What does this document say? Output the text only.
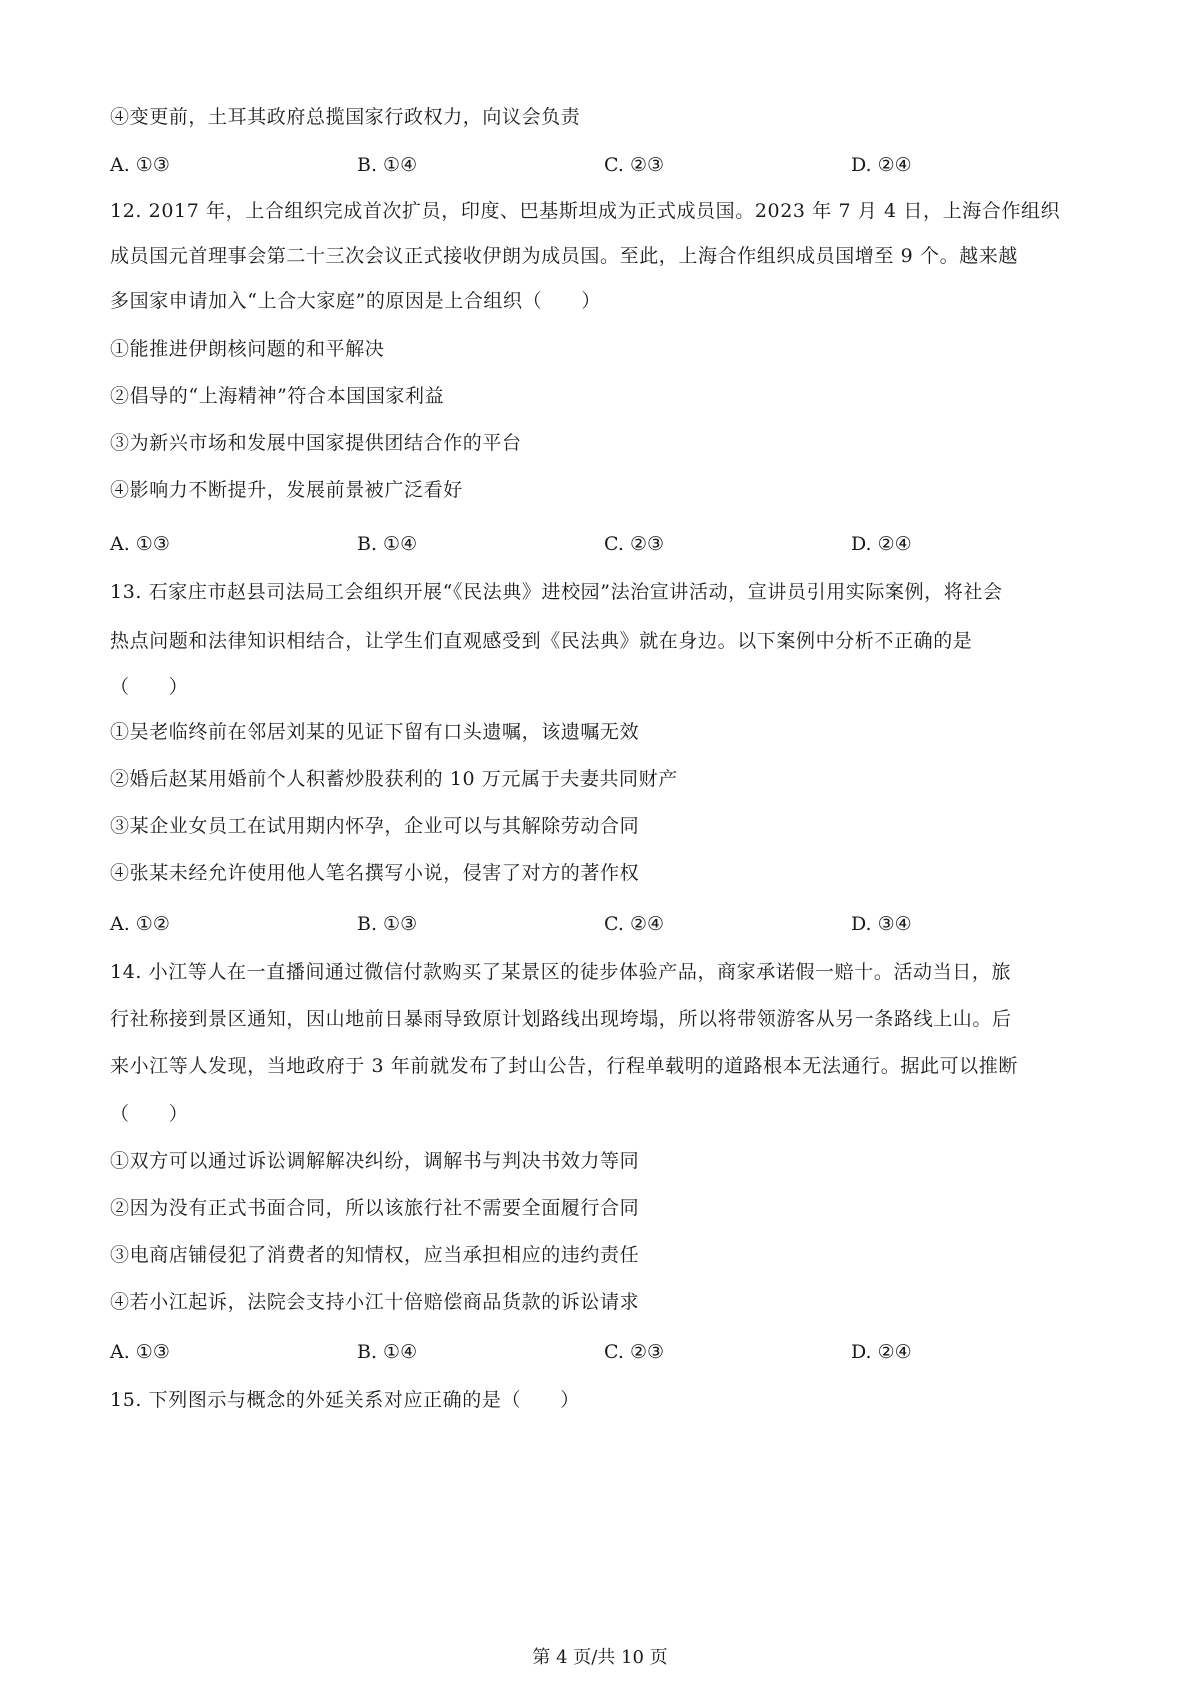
④变更前，土耳其政府总揽国家行政权力，向议会负责
A. ①③	B. ①④	C. ②③	D. ②④
12. 2017 年，上合组织完成首次扩员，印度、巴基斯坦成为正式成员国。2023 年 7 月 4 日，上海合作组织
成员国元首理事会第二十三次会议正式接收伊朗为成员国。至此，上海合作组织成员国增至 9 个。越来越
多国家申请加入“上合大家庭”的原因是上合组织（　　）
①能推进伊朗核问题的和平解决
②倡导的“上海精神”符合本国国家利益
③为新兴市场和发展中国家提供团结合作的平台
④影响力不断提升，发展前景被广泛看好
A. ①③	B. ①④	C. ②③	D. ②④
13. 石家庄市赵县司法局工会组织开展“《民法典》进校园”法治宣讲活动，宣讲员引用实际案例，将社会
热点问题和法律知识相结合，让学生们直观感受到《民法典》就在身边。以下案例中分析不正确的是
（　　）
①吴老临终前在邻居刘某的见证下留有口头遗嘱，该遗嘱无效
②婚后赵某用婚前个人积蓄炒股获利的 10 万元属于夫妻共同财产
③某企业女员工在试用期内怀孕，企业可以与其解除劳动合同
④张某未经允许使用他人笔名撰写小说，侵害了对方的著作权
A. ①②	B. ①③	C. ②④	D. ③④
14. 小江等人在一直播间通过微信付款购买了某景区的徒步体验产品，商家承诺假一赔十。活动当日，旅
行社称接到景区通知，因山地前日暴雨导致原计划路线出现垮塌，所以将带领游客从另一条路线上山。后
来小江等人发现，当地政府于 3 年前就发布了封山公告，行程单载明的道路根本无法通行。据此可以推断
（　　）
①双方可以通过诉讼调解解决纠纷，调解书与判决书效力等同
②因为没有正式书面合同，所以该旅行社不需要全面履行合同
③电商店铺侵犯了消费者的知情权，应当承担相应的违约责任
④若小江起诉，法院会支持小江十倍赔偿商品货款的诉讼请求
A. ①③	B. ①④	C. ②③	D. ②④
15. 下列图示与概念的外延关系对应正确的是（　　）
第 4 页/共 10 页
